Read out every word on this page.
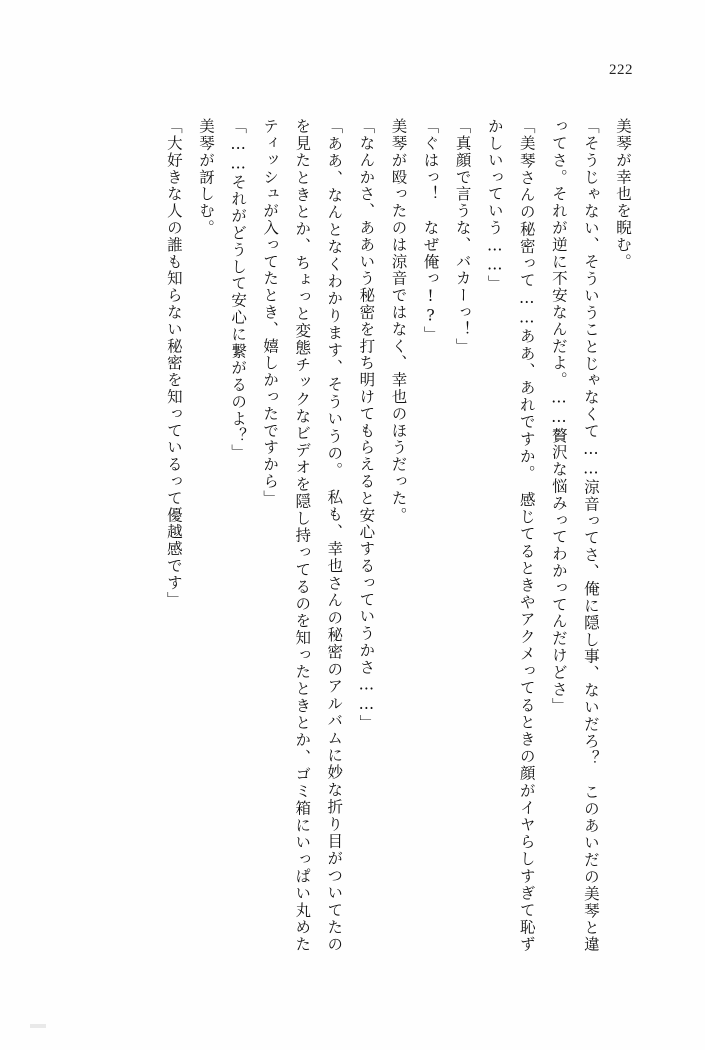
222

美琴が幸也を睨む。

「そうじゃない、そういうことじゃなくて……涼音ってさ、俺に隠し事、ないだろ？　このあいだの美琴と違ってさ。それが逆に不安なんだよ。……贅沢な悩みってわかってんだけどさ」

「美琴さんの秘密って……ああ、あれですか。　感じてるときやアクメってるときの顔がイヤらしすぎて恥ずかしいっていう……」

「真顔で言うな、バカーっ！」

「ぐはっ！　なぜ俺っ!?」

美琴が殴ったのは涼音ではなく、幸也のほうだった。

「なんかさ、ああいう秘密を打ち明けてもらえると安心するっていうかさ……」

「ああ、なんとなくわかります、そういうの。　私も、幸也さんの秘密のアルバムに妙な折り目がついてたのを見たときとか、ちょっと変態チックなビデオを隠し持ってるのを知ったときとか、ゴミ箱にいっぱい丸めたティッシュが入ってたとき、嬉しかったですから」

「……それがどうして安心に繋がるのよ？」

美琴が訝しむ。

「大好きな人の誰も知らない秘密を知っているって優越感です」
